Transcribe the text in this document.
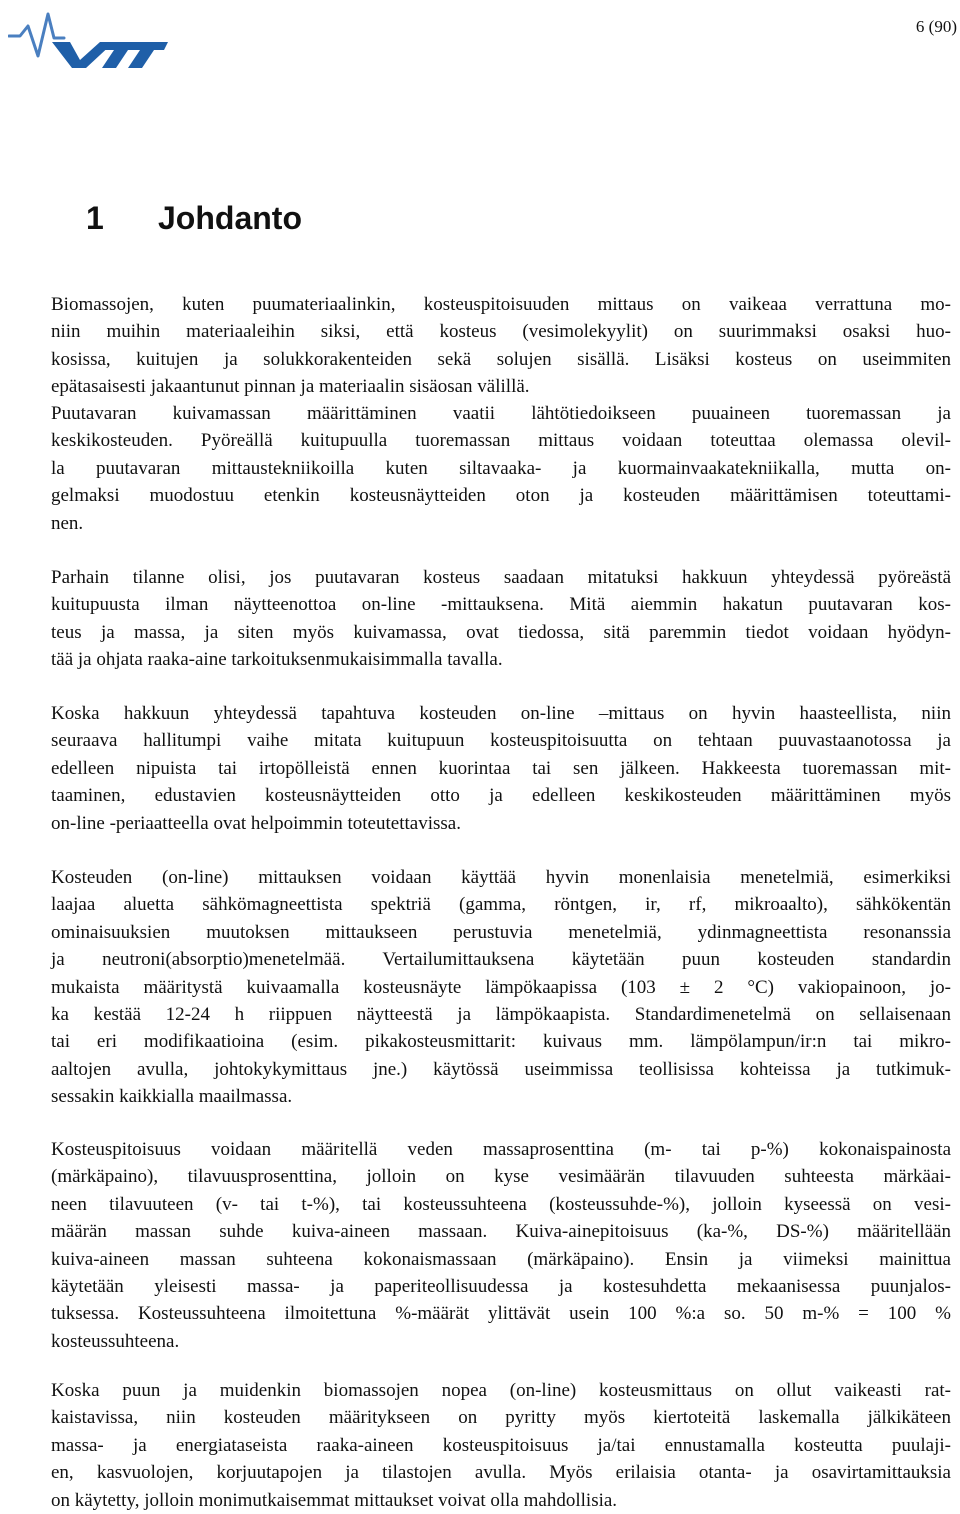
6 (90)
1 Johdanto

Biomassojen, kuten puumateriaalinkin, kosteuspitoisuuden mittaus on vaikeaa verrattuna mo-
niin muihin materiaaleihin siksi, että kosteus (vesimolekyylit) on suurimmaksi osaksi huo-
kosissa, kuitujen ja solukkorakenteiden sekä solujen sisällä. Lisäksi kosteus on useimmiten
epätasaisesti jakaantunut pinnan ja materiaalin sisäosan välillä.

Puutavaran kuivamassan määrittäminen vaatii lähtötiedoikseen puuaineen tuoremassan ja
keskikosteuden. Pyöreällä kuitupuulla tuoremassan mittaus voidaan toteuttaa olemassa olevil-
la puutavaran mittaustekniikoilla kuten siltavaaka- ja kuormainvaakatekniikalla, mutta on-
gelmaksi muodostuu etenkin kosteusnäytteiden oton ja kosteuden määrittämisen toteuttami-
nen.

Parhain tilanne olisi, jos puutavaran kosteus saadaan mitatuksi hakkuun yhteydessä pyöreästä
kuitupuusta ilman näytteenottoa on-line -mittauksena. Mitä aiemmin hakatun puutavaran kos-
teus ja massa, ja siten myös kuivamassa, ovat tiedossa, sitä paremmin tiedot voidaan hyödyn-
tää ja ohjata raaka-aine tarkoituksenmukaisimmalla tavalla.

Koska hakkuun yhteydessä tapahtuva kosteuden on-line –mittaus on hyvin haasteellista, niin
seuraava hallitumpi vaihe mitata kuitupuun kosteuspitoisuutta on tehtaan puuvastaanotossa ja
edelleen nipuista tai irtopölleistä ennen kuorintaa tai sen jälkeen. Hakkeesta tuoremassan mit-
taaminen, edustavien kosteusnäytteiden otto ja edelleen keskikosteuden määrittäminen myös
on-line -periaatteella ovat helpoimmin toteutettavissa.

Kosteuden (on-line) mittauksen voidaan käyttää hyvin monenlaisia menetelmiä, esimerkiksi
laajaa aluetta sähkömagneettista spektriä (gamma, röntgen, ir, rf, mikroaalto), sähkökentän
ominaisuuksien muutoksen mittaukseen perustuvia menetelmiä, ydinmagneettista resonanssia
ja neutroni(absorptio)menetelmää. Vertailumittauksena käytetään puun kosteuden standardin
mukaista määritystä kuivaamalla kosteusnäyte lämpökaapissa (103 ± 2 °C) vakiopainoon, jo-
ka kestää 12-24 h riippuen näytteestä ja lämpökaapista. Standardimenetelmä on sellaisenaan
tai eri modifikaatioina (esim. pikakosteusmittarit: kuivaus mm. lämpölampun/ir:n tai mikro-
aaltojen avulla, johtokykymittaus jne.) käytössä useimmissa teollisissa kohteissa ja tutkimuk-
sessakin kaikkialla maailmassa.

Kosteuspitoisuus voidaan määritellä veden massaprosenttina (m- tai p-%) kokonaispainosta
(märkäpaino), tilavuusprosenttina, jolloin on kyse vesimäärän tilavuuden suhteesta märkäai-
neen tilavuuteen (v- tai t-%), tai kosteussuhteena (kosteussuhde-%), jolloin kyseessä on vesi-
määrän massan suhde kuiva-aineen massaan. Kuiva-ainepitoisuus (ka-%, DS-%) määritellään
kuiva-aineen massan suhteena kokonaismassaan (märkäpaino). Ensin ja viimeksi mainittua
käytetään yleisesti massa- ja paperiteollisuudessa ja kostesuhdetta mekaanisessa puunjalos-
tuksessa. Kosteussuhteena ilmoitettuna %-määrät ylittävät usein 100 %:a so. 50 m-% = 100 %
kosteussuhteena.

Koska puun ja muidenkin biomassojen nopea (on-line) kosteusmittaus on ollut vaikeasti rat-
kaistavissa, niin kosteuden määritykseen on pyritty myös kiertoteitä laskemalla jälkikäteen
massa- ja energiataseista raaka-aineen kosteuspitoisuus ja/tai ennustamalla kosteutta puulaji-
en, kasvuolojen, korjuutapojen ja tilastojen avulla. Myös erilaisia otanta- ja osavirtamittauksia
on käytetty, jolloin monimutkaisemmat mittaukset voivat olla mahdollisia.
